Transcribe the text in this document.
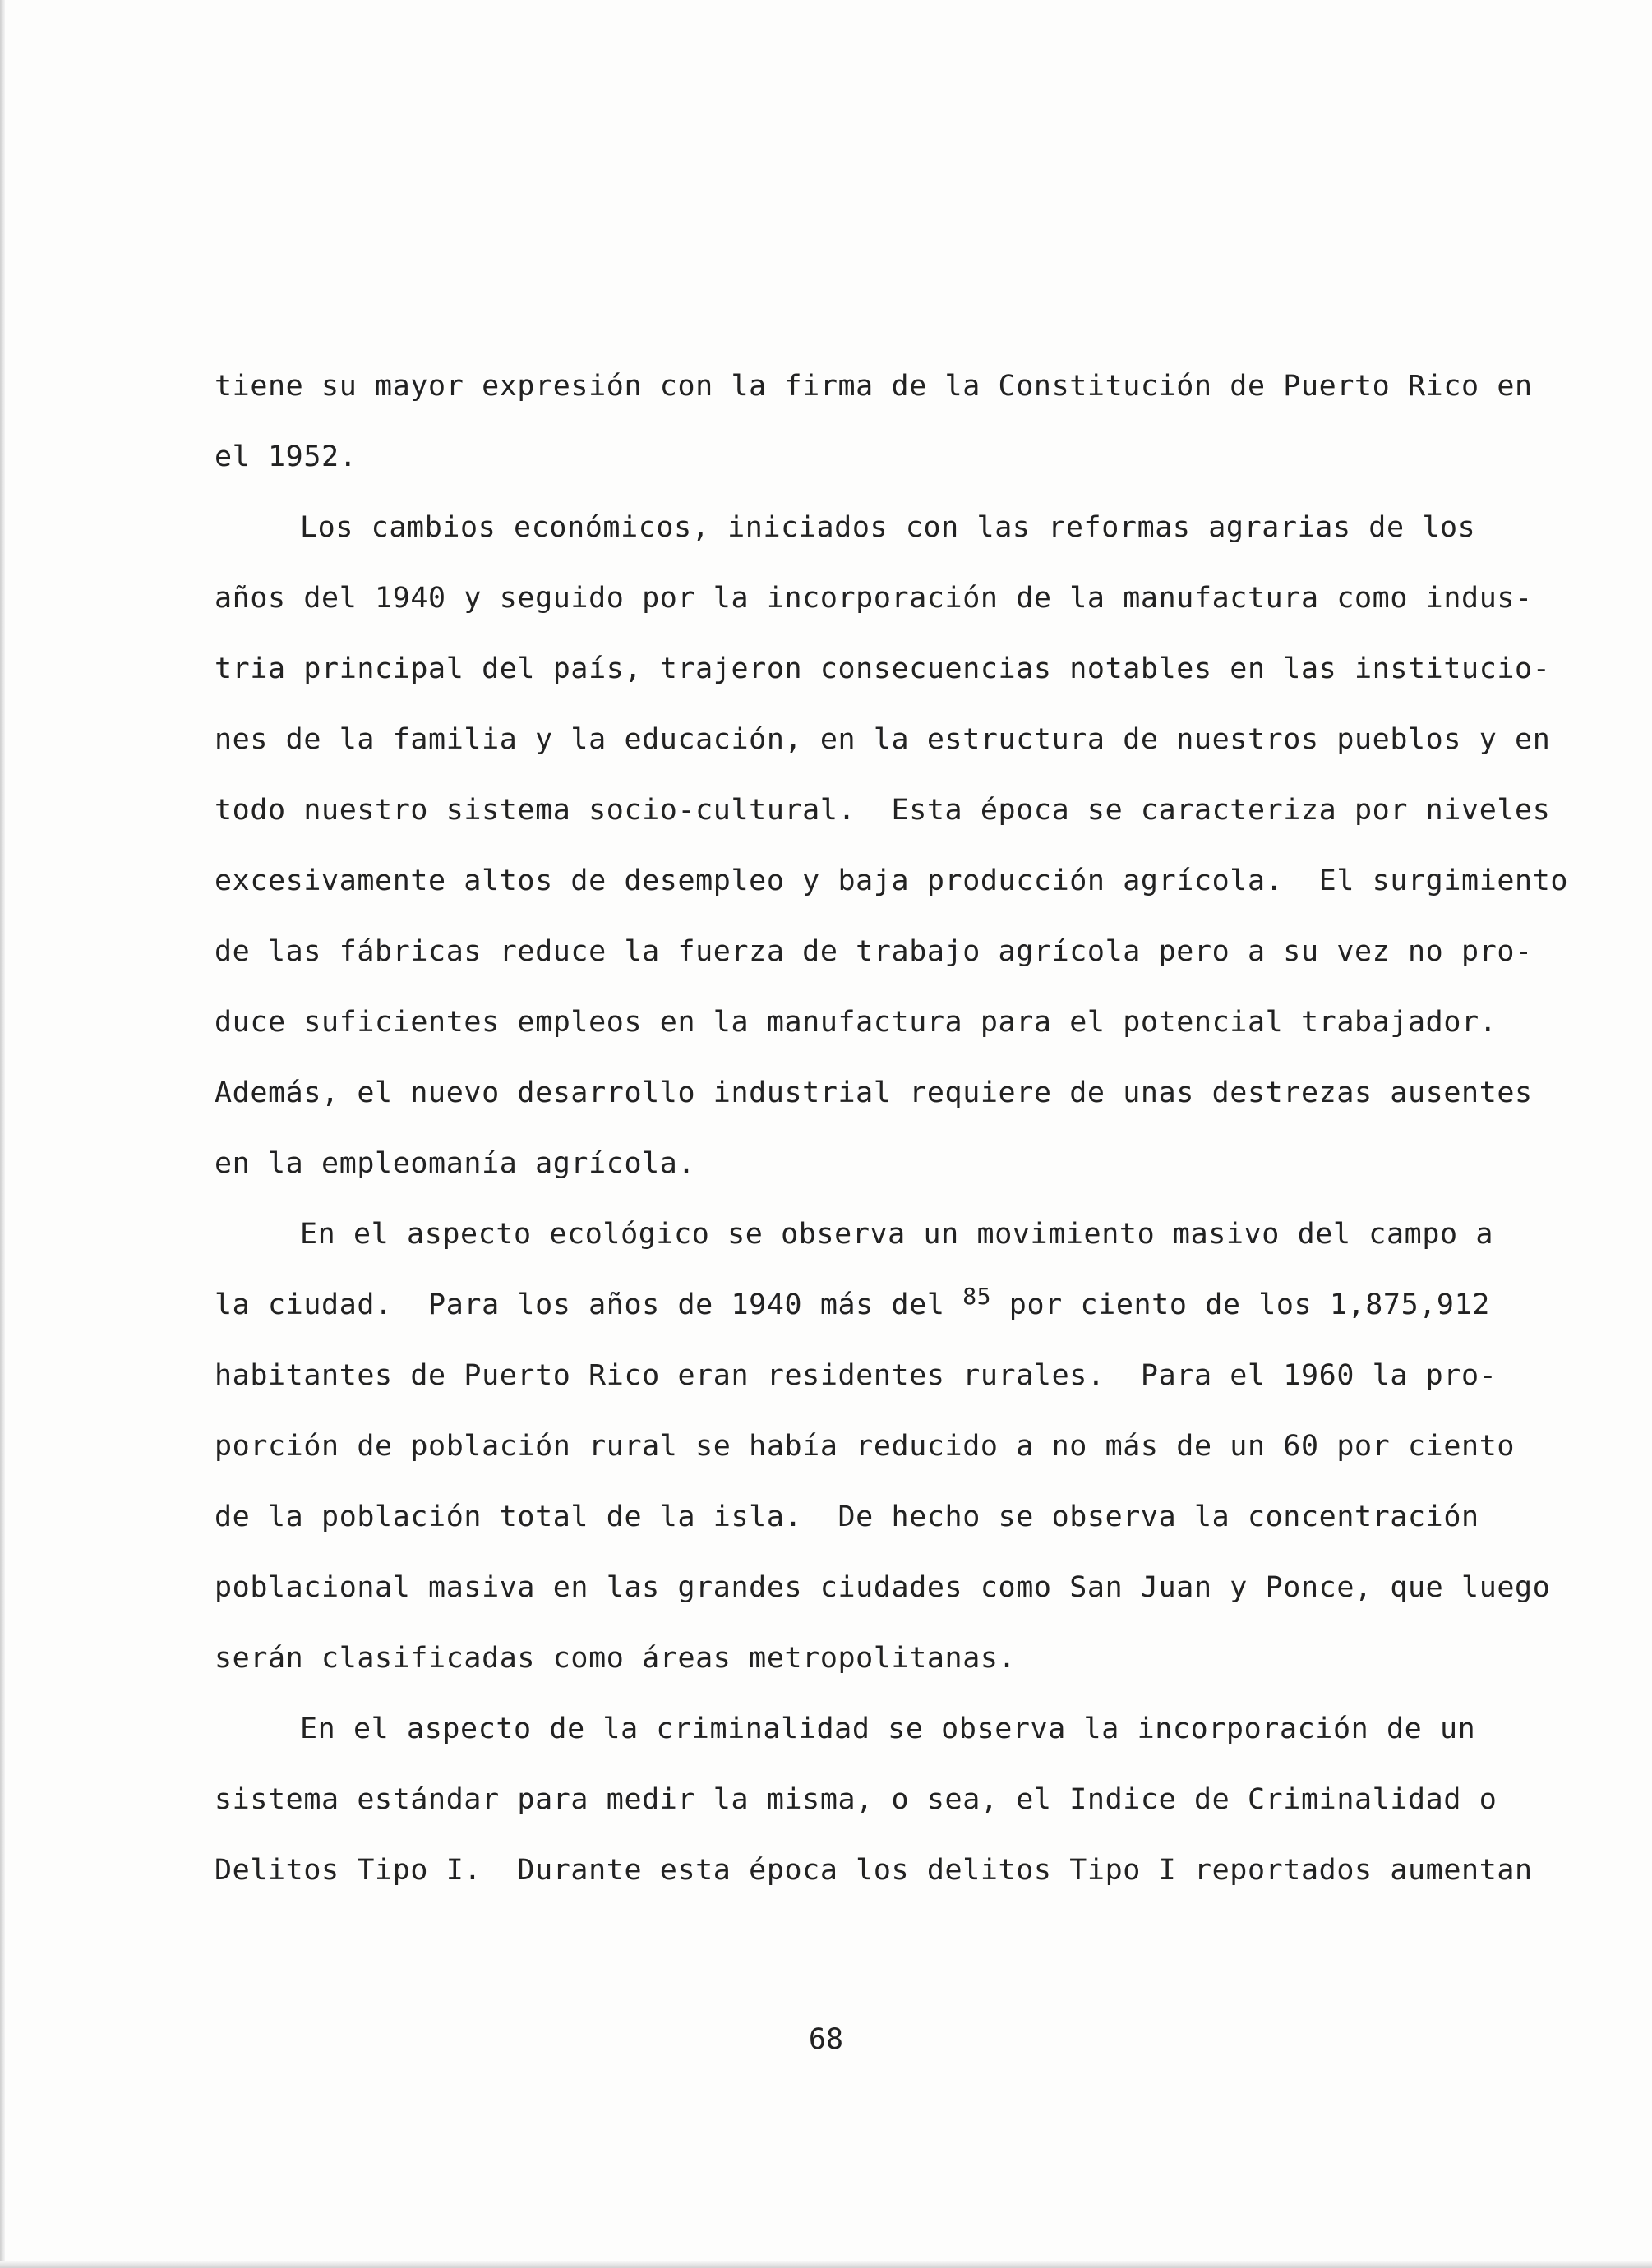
tiene su mayor expresión con la firma de la Constitución de Puerto Rico en

el 1952.

Los cambios económicos, iniciados con las reformas agrarias de los

años del 1940 y seguido por la incorporación de la manufactura como indus-

tria principal del país, trajeron consecuencias notables en las institucio-

nes de la familia y la educación, en la estructura de nuestros pueblos y en

todo nuestro sistema socio-cultural.  Esta época se caracteriza por niveles

excesivamente altos de desempleo y baja producción agrícola.  El surgimiento

de las fábricas reduce la fuerza de trabajo agrícola pero a su vez no pro-

duce suficientes empleos en la manufactura para el potencial trabajador.

Además, el nuevo desarrollo industrial requiere de unas destrezas ausentes

en la empleomanía agrícola.

En el aspecto ecológico se observa un movimiento masivo del campo a

la ciudad.  Para los años de 1940 más del $^{85}$ por ciento de los 1,875,912

habitantes de Puerto Rico eran residentes rurales.  Para el 1960 la pro-

porción de población rural se había reducido a no más de un 60 por ciento

de la población total de la isla.  De hecho se observa la concentración

poblacional masiva en las grandes ciudades como San Juan y Ponce, que luego

serán clasificadas como áreas metropolitanas.

En el aspecto de la criminalidad se observa la incorporación de un

sistema estándar para medir la misma, o sea, el Indice de Criminalidad o

Delitos Tipo I.  Durante esta época los delitos Tipo I reportados aumentan

68
